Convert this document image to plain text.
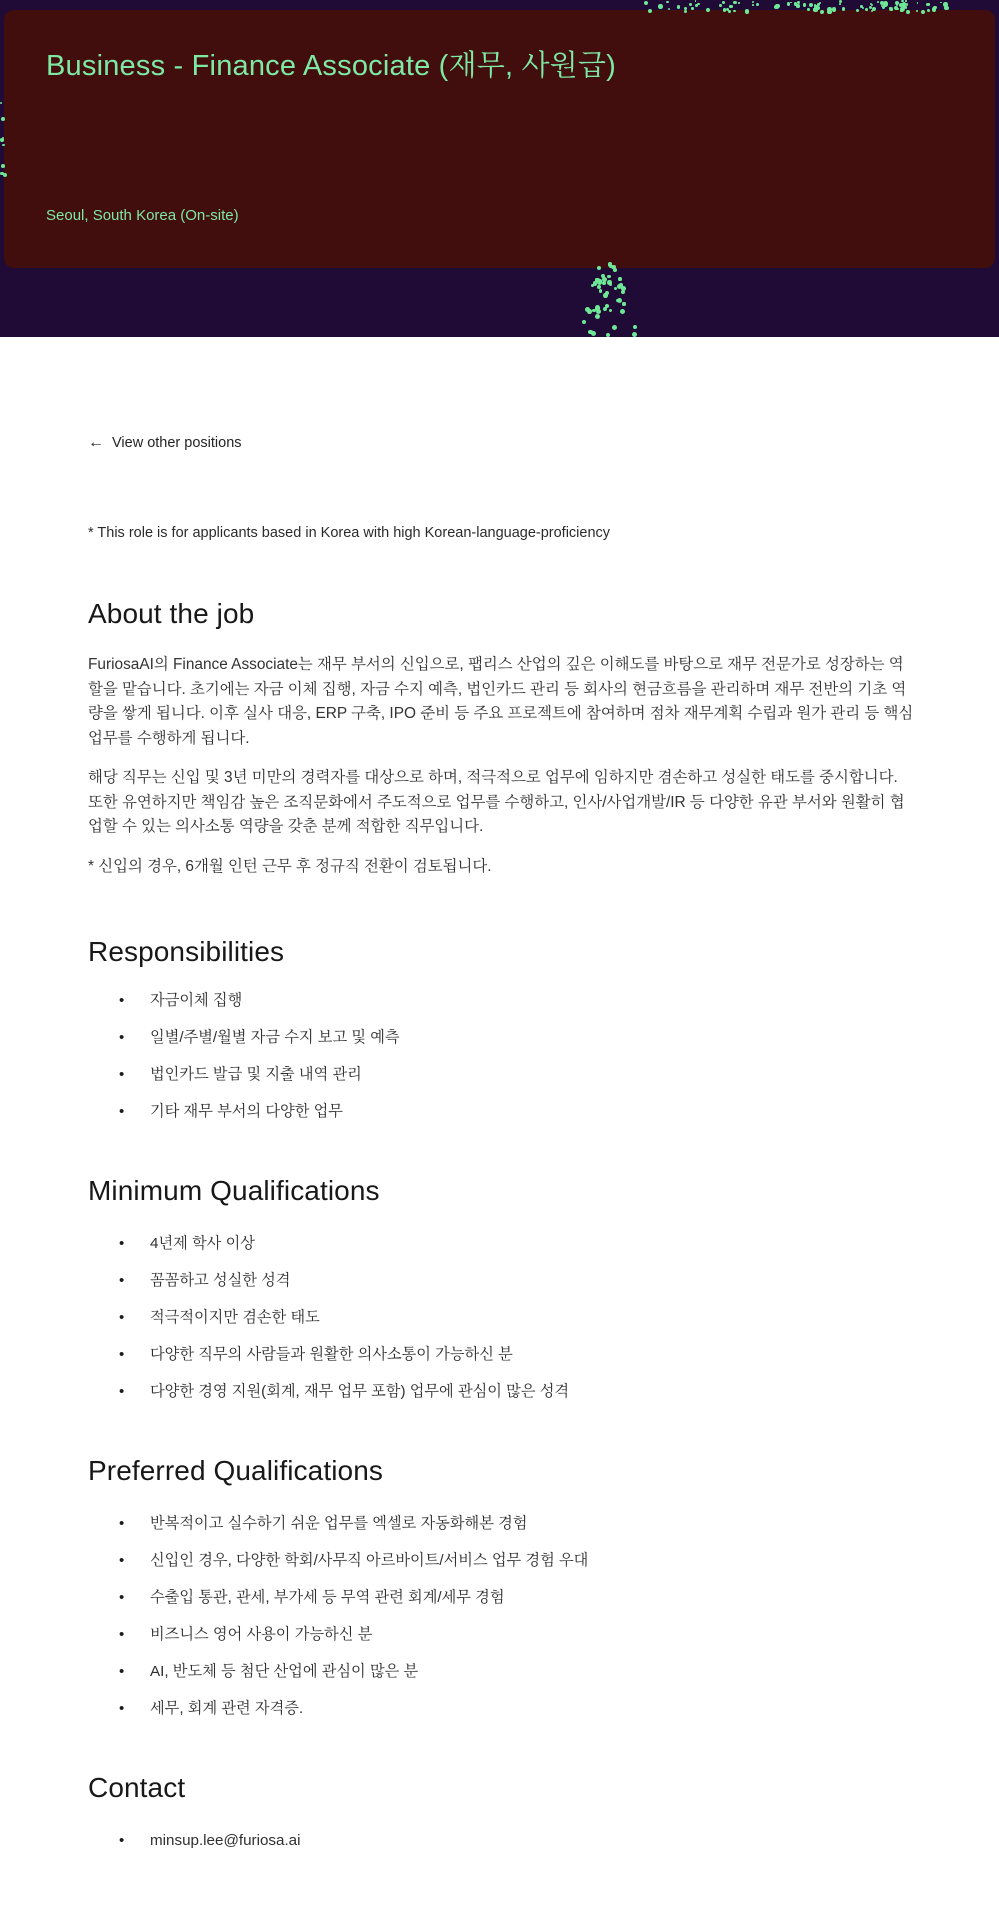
Business - Finance Associate (재무, 사원급)
Seoul, South Korea (On-site)
← View other positions

* This role is for applicants based in Korea with high Korean-language-proficiency

About the job

FuriosaAI의 Finance Associate는 재무 부서의 신입으로, 팹리스 산업의 깊은 이해도를 바탕으로 재무 전문가로 성장하는 역할을 맡습니다. 초기에는 자금 이체 집행, 자금 수지 예측, 법인카드 관리 등 회사의 현금흐름을 관리하며 재무 전반의 기초 역량을 쌓게 됩니다. 이후 실사 대응, ERP 구축, IPO 준비 등 주요 프로젝트에 참여하며 점차 재무계획 수립과 원가 관리 등 핵심 업무를 수행하게 됩니다.

해당 직무는 신입 및 3년 미만의 경력자를 대상으로 하며, 적극적으로 업무에 임하지만 겸손하고 성실한 태도를 중시합니다. 또한 유연하지만 책임감 높은 조직문화에서 주도적으로 업무를 수행하고, 인사/사업개발/IR 등 다양한 유관 부서와 원활히 협업할 수 있는 의사소통 역량을 갖춘 분께 적합한 직무입니다.

* 신입의 경우, 6개월 인턴 근무 후 정규직 전환이 검토됩니다.

Responsibilities
• 자금이체 집행
• 일별/주별/월별 자금 수지 보고 및 예측
• 법인카드 발급 및 지출 내역 관리
• 기타 재무 부서의 다양한 업무
Minimum Qualifications
• 4년제 학사 이상
• 꼼꼼하고 성실한 성격
• 적극적이지만 겸손한 태도
• 다양한 직무의 사람들과 원활한 의사소통이 가능하신 분
• 다양한 경영 지원(회계, 재무 업무 포함) 업무에 관심이 많은 성격
Preferred Qualifications
• 반복적이고 실수하기 쉬운 업무를 엑셀로 자동화해본 경험
• 신입인 경우, 다양한 학회/사무직 아르바이트/서비스 업무 경험 우대
• 수출입 통관, 관세, 부가세 등 무역 관련 회계/세무 경험
• 비즈니스 영어 사용이 가능하신 분
• AI, 반도체 등 첨단 산업에 관심이 많은 분
• 세무, 회계 관련 자격증.
Contact
• minsup.lee@furiosa.ai
